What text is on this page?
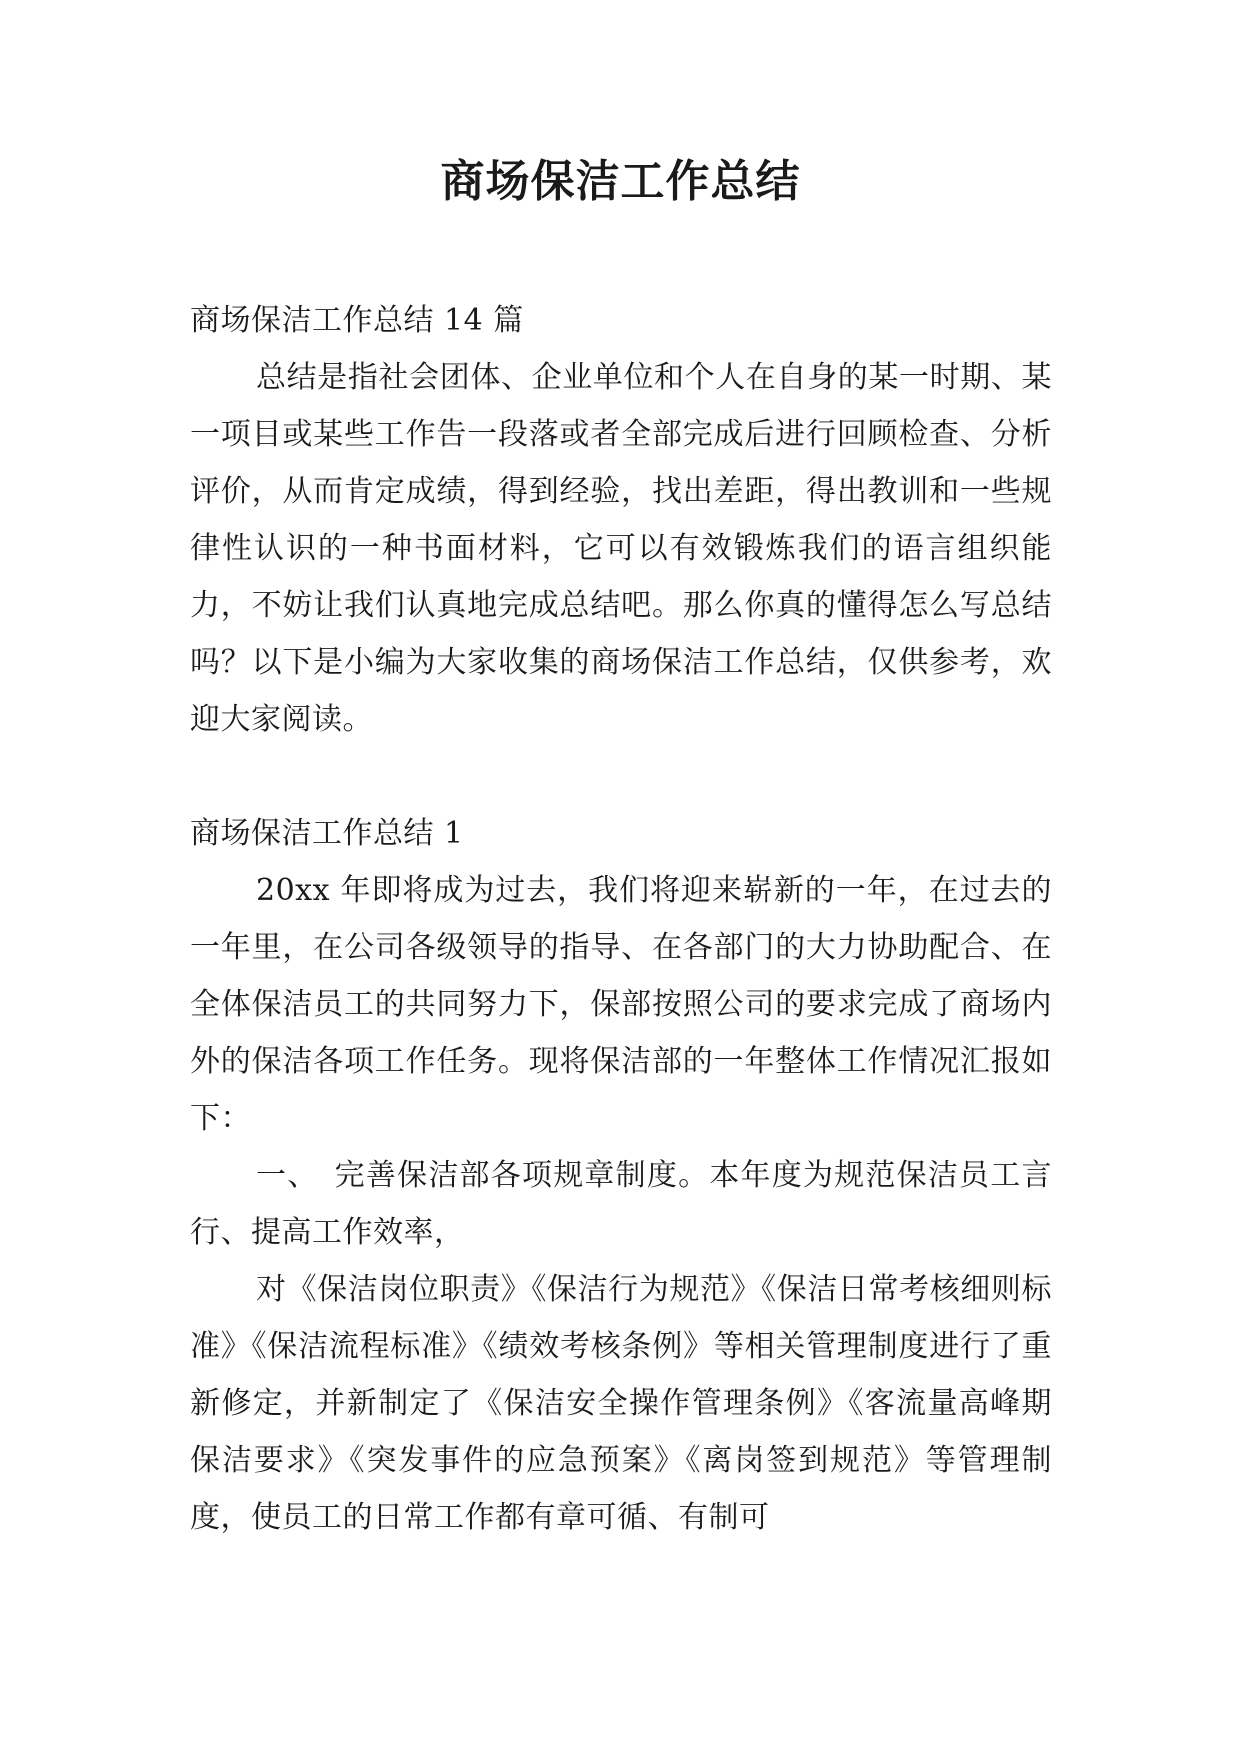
商场保洁工作总结

商场保洁工作总结 14 篇

总结是指社会团体、企业单位和个人在自身的某一时期、某一项目或某些工作告一段落或者全部完成后进行回顾检查、分析评价，从而肯定成绩，得到经验，找出差距，得出教训和一些规律性认识的一种书面材料，它可以有效锻炼我们的语言组织能力，不妨让我们认真地完成总结吧。那么你真的懂得怎么写总结吗？以下是小编为大家收集的商场保洁工作总结，仅供参考，欢迎大家阅读。

商场保洁工作总结 1

20xx 年即将成为过去，我们将迎来崭新的一年，在过去的一年里，在公司各级领导的指导、在各部门的大力协助配合、在全体保洁员工的共同努力下，保部按照公司的要求完成了商场内外的保洁各项工作任务。现将保洁部的一年整体工作情况汇报如下：

一、　完善保洁部各项规章制度。本年度为规范保洁员工言行、提高工作效率，

对《保洁岗位职责》《保洁行为规范》《保洁日常考核细则标准》《保洁流程标准》《绩效考核条例》等相关管理制度进行了重新修定，并新制定了《保洁安全操作管理条例》《客流量高峰期保洁要求》《突发事件的应急预案》《离岗签到规范》等管理制度，使员工的日常工作都有章可循、有制可
